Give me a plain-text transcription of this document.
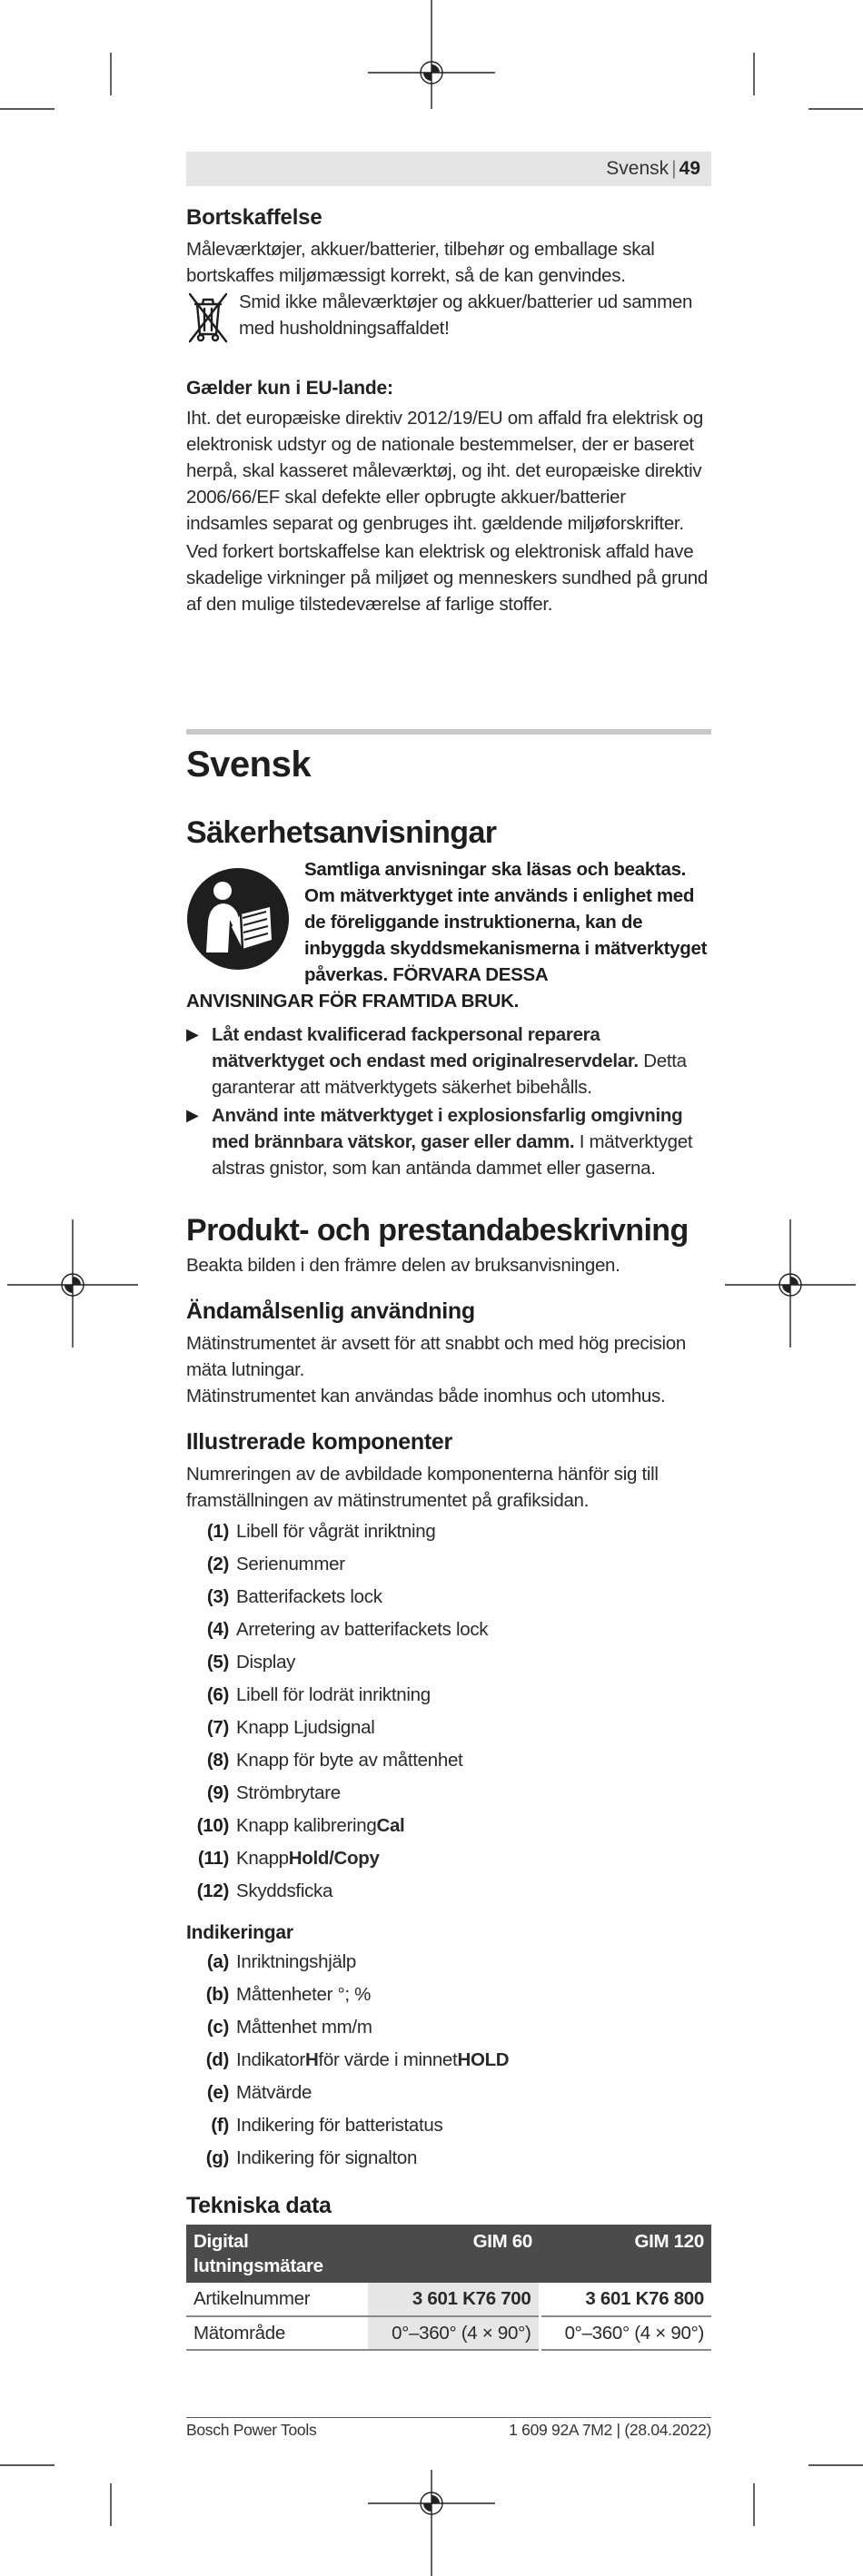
Svensk | 49
Bortskaffelse
Måleværktøjer, akkuer/batterier, tilbehør og emballage skal bortskaffes miljømæssigt korrekt, så de kan genvindes.
Smid ikke måleværktøjer og akkuer/batterier ud sammen med husholdningsaffaldet!
Gælder kun i EU-lande:
Iht. det europæiske direktiv 2012/19/EU om affald fra elektrisk og elektronisk udstyr og de nationale bestemmelser, der er baseret herpå, skal kasseret måleværktøj, og iht. det europæiske direktiv 2006/66/EF skal defekte eller opbrugte akkuer/batterier indsamles separat og genbruges iht. gældende miljøforskrifter.
Ved forkert bortskaffelse kan elektrisk og elektronisk affald have skadelige virkninger på miljøet og menneskers sundhed på grund af den mulige tilstedeværelse af farlige stoffer.
Svensk
Säkerhetsanvisningar
Samtliga anvisningar ska läsas och beaktas. Om mätverktyget inte används i enlighet med de föreliggande instruktionerna, kan de inbyggda skyddsmekanismerna i mätverktyget påverkas. FÖRVARA DESSA
ANVISNINGAR FÖR FRAMTIDA BRUK.
▶ Låt endast kvalificerad fackpersonal reparera mätverktyget och endast med originalreservdelar. Detta garanterar att mätverktygets säkerhet bibehålls.
▶ Använd inte mätverktyget i explosionsfarlig omgivning med brännbara vätskor, gaser eller damm. I mätverktyget alstras gnistor, som kan antända dammet eller gaserna.
Produkt- och prestandabeskrivning
Beakta bilden i den främre delen av bruksanvisningen.
Ändamålsenlig användning
Mätinstrumentet är avsett för att snabbt och med hög precision mäta lutningar.
Mätinstrumentet kan användas både inomhus och utomhus.
Illustrerade komponenter
Numreringen av de avbildade komponenterna hänför sig till framställningen av mätinstrumentet på grafiksidan.
(1) Libell för vågrät inriktning
(2) Serienummer
(3) Batterifackets lock
(4) Arretering av batterifackets lock
(5) Display
(6) Libell för lodrät inriktning
(7) Knapp Ljudsignal
(8) Knapp för byte av måttenhet
(9) Strömbrytare
(10) Knapp kalibrering Cal
(11) Knapp Hold/Copy
(12) Skyddsficka
Indikeringar
(a) Inriktningshjälp
(b) Måttenheter °; %
(c) Måttenhet mm/m
(d) Indikator H för värde i minnet HOLD
(e) Mätvärde
(f) Indikering för batteristatus
(g) Indikering för signalton
Tekniska data
Digital lutningsmätare	GIM 60	GIM 120
Artikelnummer	3 601 K76 700	3 601 K76 800
Mätområde	0°–360° (4 × 90°)	0°–360° (4 × 90°)
Bosch Power Tools	1 609 92A 7M2 | (28.04.2022)
